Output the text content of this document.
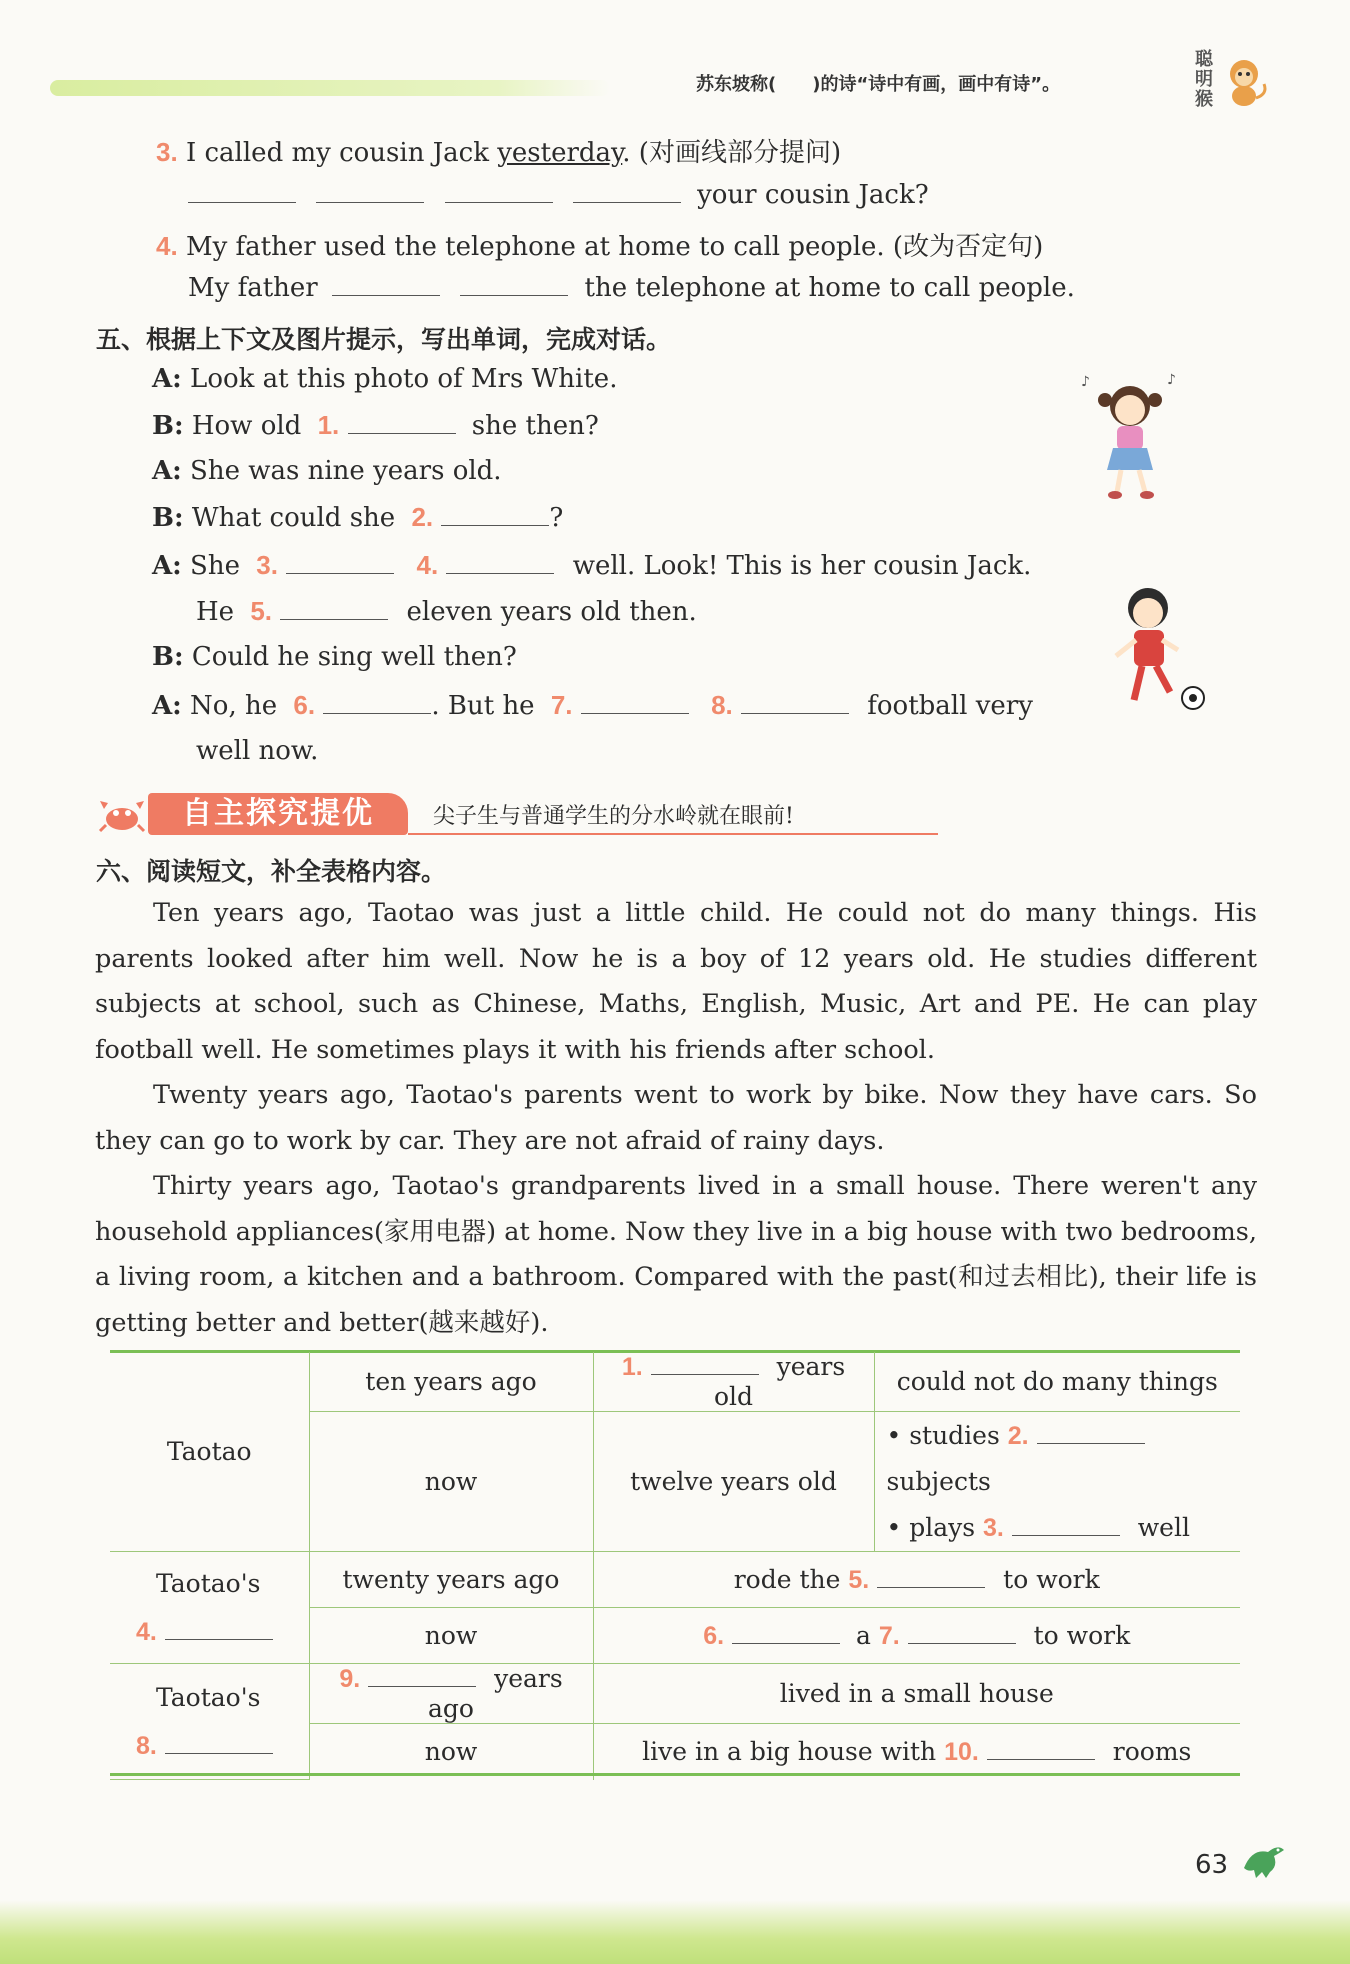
苏东坡称(　　)的诗“诗中有画，画中有诗”。
聪明猴
3. I called my cousin Jack yesterday. (对画线部分提问)
your cousin Jack?
4. My father used the telephone at home to call people. (改为否定句)
My father	the telephone at home to call people.
五、根据上下文及图片提示，写出单词，完成对话。
A: Look at this photo of Mrs White.
B: How old 1.	she then?
A: She was nine years old.
B: What could she 2.	?
A: She 3.	4.	well. Look! This is her cousin Jack.
He 5.	eleven years old then.
B: Could he sing well then?
A: No, he 6.	. But he 7.	8.	football very
well now.
♪	♪
自主探究提优	尖子生与普通学生的分水岭就在眼前!
六、阅读短文，补全表格内容。

Ten years ago, Taotao was just a little child. He could not do many things. His parents looked after him well. Now he is a boy of 12 years old. He studies different subjects at school, such as Chinese, Maths, English, Music, Art and PE. He can play football well. He sometimes plays it with his friends after school.

Twenty years ago, Taotao's parents went to work by bike. Now they have cars. So they can go to work by car. They are not afraid of rainy days.

Thirty years ago, Taotao's grandparents lived in a small house. There weren't any household appliances(家用电器) at home. Now they live in a big house with two bedrooms, a living room, a kitchen and a bathroom. Compared with the past(和过去相比), their life is getting better and better(越来越好).

Taotao	ten years ago	1. years old	could not do many things
	now	twelve years old	• studies 2.
subjects
• plays 3. well

Taotao's
4.	twenty years ago	rode the 5. to work	
	now	6. a 7. to work	

Taotao's
8.	9. years ago	lived in a small house	
	now	live in a big house with 10. rooms	
63
